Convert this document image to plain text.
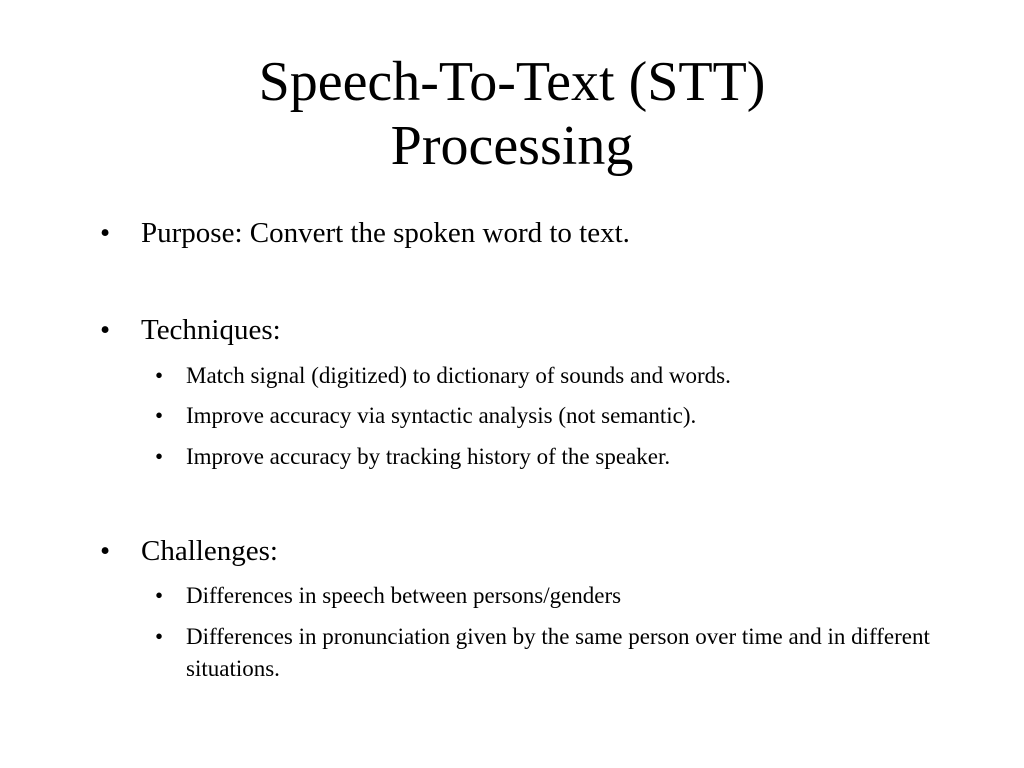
Speech-To-Text (STT)
Processing
• Purpose: Convert the spoken word to text.
• Techniques:
• Match signal (digitized) to dictionary of sounds and words.
• Improve accuracy via syntactic analysis (not semantic).
• Improve accuracy by tracking history of the speaker.
• Challenges:
• Differences in speech between persons/genders
• Differences in pronunciation given by the same person over time and in different situations.
